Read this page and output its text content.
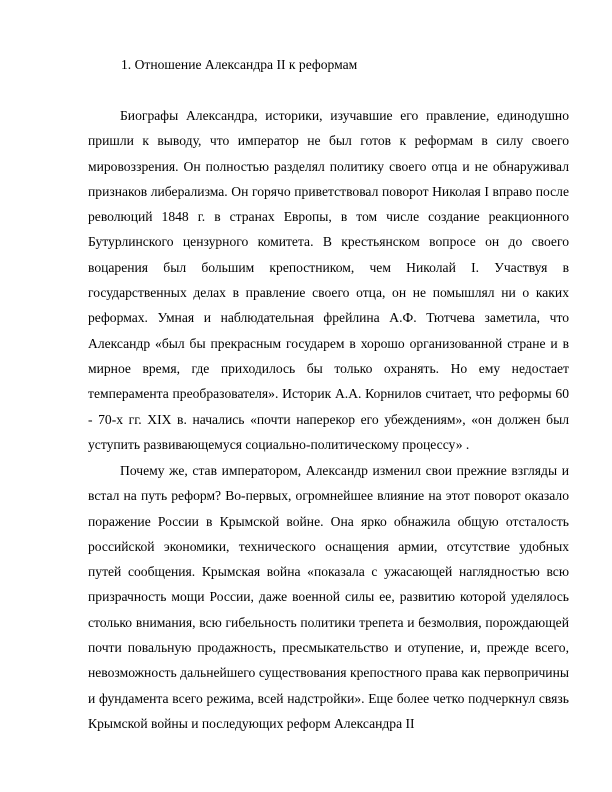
1. Отношение Александра II к реформам

Биографы Александра, историки, изучавшие его правление, единодушно пришли к выводу, что император не был готов к реформам в силу своего мировоззрения. Он полностью разделял политику своего отца и не обнаруживал признаков либерализма. Он горячо приветствовал поворот Николая I вправо после революций 1848 г. в странах Европы, в том числе создание реакционного Бутурлинского цензурного комитета. В крестьянском вопросе он до своего воцарения был большим крепостником, чем Николай I. Участвуя в государственных делах в правление своего отца, он не помышлял ни о каких реформах. Умная и наблюдательная фрейлина А.Ф. Тютчева заметила, что Александр «был бы прекрасным государем в хорошо организованной стране и в мирное время, где приходилось бы только охранять. Но ему недостает темперамента преобразователя». Историк А.А. Корнилов считает, что реформы 60 - 70-х гг. XIX в. начались «почти наперекор его убеждениям», «он должен был уступить развивающемуся социально-политическому процессу» .

Почему же, став императором, Александр изменил свои прежние взгляды и встал на путь реформ? Во-первых, огромнейшее влияние на этот поворот оказало поражение России в Крымской войне. Она ярко обнажила общую отсталость российской экономики, технического оснащения армии, отсутствие удобных путей сообщения. Крымская война «показала с ужасающей наглядностью всю призрачность мощи России, даже военной силы ее, развитию которой уделялось столько внимания, всю гибельность политики трепета и безмолвия, порождающей почти повальную продажность, пресмыкательство и отупение, и, прежде всего, невозможность дальнейшего существования крепостного права как первопричины и фундамента всего режима, всей надстройки». Еще более четко подчеркнул связь Крымской войны и последующих реформ Александра II
